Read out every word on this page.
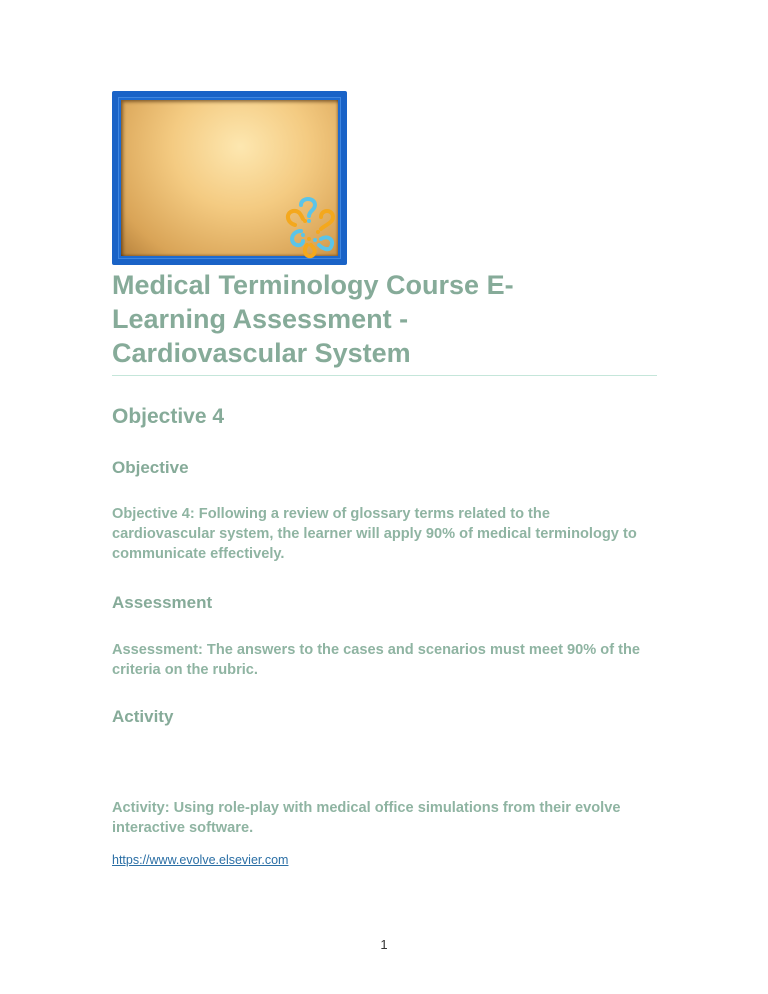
Medical Terminology Course E-
Learning Assessment -
Cardiovascular System
Objective 4
Objective

Objective 4: Following a review of glossary terms related to the cardiovascular system, the learner will apply 90% of medical terminology to communicate effectively.

Assessment

Assessment: The answers to the cases and scenarios must meet 90% of the criteria on the rubric.

Activity

Activity: Using role-play with medical office simulations from their evolve interactive software.

https://www.evolve.elsevier.com
1
